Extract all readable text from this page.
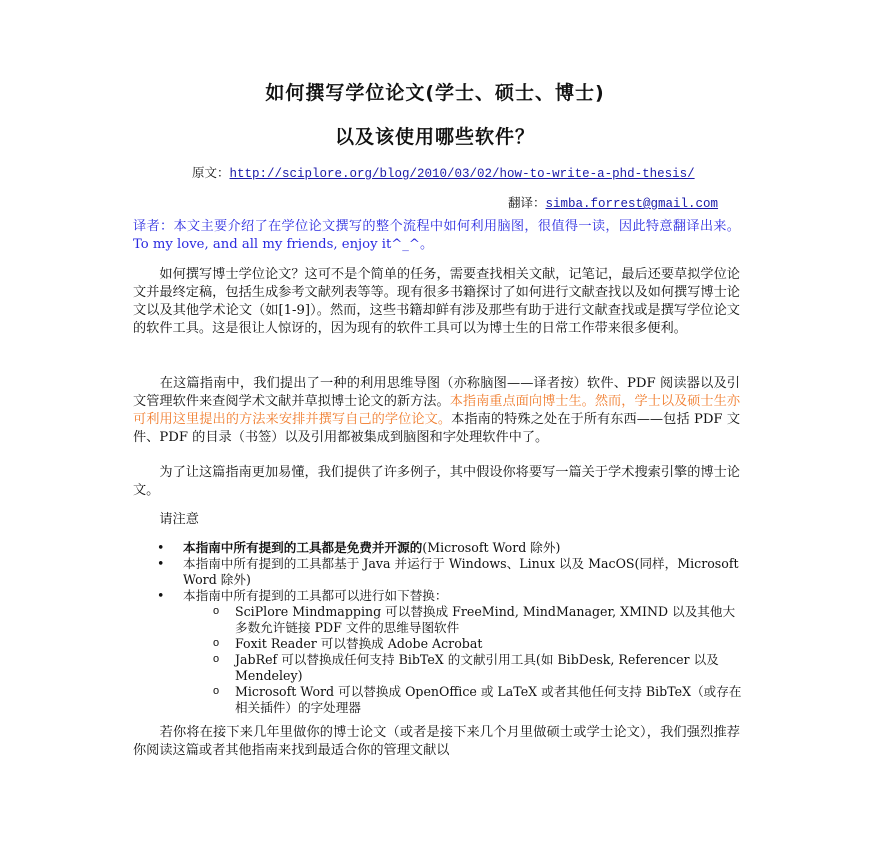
如何撰写学位论文(学士、硕士、博士)
以及该使用哪些软件？
原文：http://sciplore.org/blog/2010/03/02/how-to-write-a-phd-thesis/
翻译：simba.forrest@gmail.com

译者：本文主要介绍了在学位论文撰写的整个流程中如何利用脑图，很值得一读，因此特意翻译出来。To my love, and all my friends, enjoy it^_^。

　　如何撰写博士学位论文？这可不是个简单的任务，需要查找相关文献，记笔记，最后还要草拟学位论文并最终定稿，包括生成参考文献列表等等。现有很多书籍探讨了如何进行文献查找以及如何撰写博士论文以及其他学术论文（如[1-9]）。然而，这些书籍却鲜有涉及那些有助于进行文献查找或是撰写学位论文的软件工具。这是很让人惊讶的，因为现有的软件工具可以为博士生的日常工作带来很多便利。

　　在这篇指南中，我们提出了一种的利用思维导图（亦称脑图——译者按）软件、PDF 阅读器以及引文管理软件来查阅学术文献并草拟博士论文的新方法。本指南重点面向博士生。然而，学士以及硕士生亦可利用这里提出的方法来安排并撰写自己的学位论文。本指南的特殊之处在于所有东西——包括 PDF 文件、PDF 的目录（书签）以及引用都被集成到脑图和字处理软件中了。

　　为了让这篇指南更加易懂，我们提供了许多例子，其中假设你将要写一篇关于学术搜索引擎的博士论文。

　　请注意

• 本指南中所有提到的工具都是免费并开源的(Microsoft Word 除外)
• 本指南中所有提到的工具都基于 Java 并运行于 Windows、Linux 以及 MacOS(同样，Microsoft Word 除外)
• 本指南中所有提到的工具都可以进行如下替换：
o SciPlore Mindmapping 可以替换成 FreeMind, MindManager, XMIND 以及其他大多数允许链接 PDF 文件的思维导图软件
o Foxit Reader 可以替换成 Adobe Acrobat
o JabRef 可以替换成任何支持 BibTeX 的文献引用工具(如 BibDesk, Referencer 以及 Mendeley)
o Microsoft Word 可以替换成 OpenOffice 或 LaTeX 或者其他任何支持 BibTeX（或存在相关插件）的字处理器

　　若你将在接下来几年里做你的博士论文（或者是接下来几个月里做硕士或学士论文），我们强烈推荐你阅读这篇或者其他指南来找到最适合你的管理文献以
